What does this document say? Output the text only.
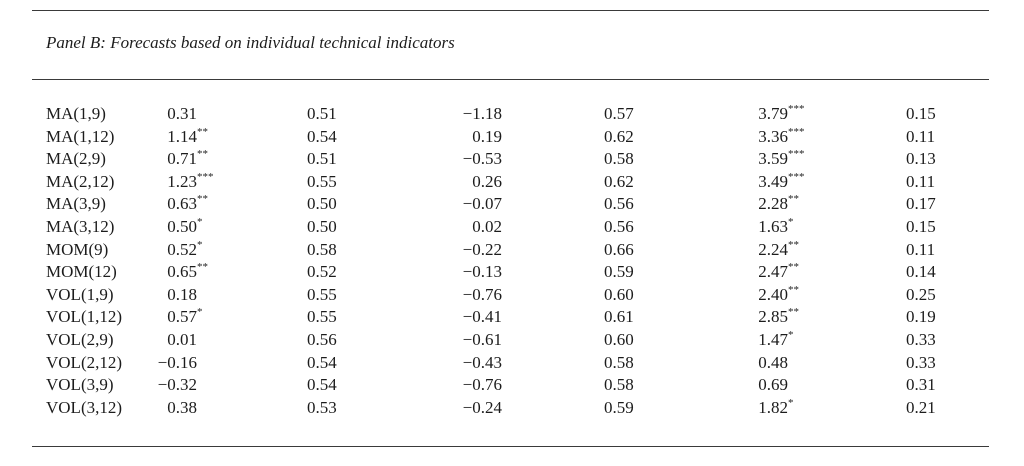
Panel B: Forecasts based on individual technical indicators
MA(1,9)	0.31	0.51	−1.18	0.57	3.79 ***	0.15
MA(1,12)	1.14 **	0.54	0.19	0.62	3.36 ***	0.11
MA(2,9)	0.71 **	0.51	−0.53	0.58	3.59 ***	0.13
MA(2,12)	1.23 ***	0.55	0.26	0.62	3.49 ***	0.11
MA(3,9)	0.63 **	0.50	−0.07	0.56	2.28 **	0.17
MA(3,12)	0.50 *	0.50	0.02	0.56	1.63 *	0.15
MOM(9)	0.52 *	0.58	−0.22	0.66	2.24 **	0.11
MOM(12)	0.65 **	0.52	−0.13	0.59	2.47 **	0.14
VOL(1,9)	0.18	0.55	−0.76	0.60	2.40 **	0.25
VOL(1,12)	0.57 *	0.55	−0.41	0.61	2.85 **	0.19
VOL(2,9)	0.01	0.56	−0.61	0.60	1.47 *	0.33
VOL(2,12)	−0.16	0.54	−0.43	0.58	0.48	0.33
VOL(3,9)	−0.32	0.54	−0.76	0.58	0.69	0.31
VOL(3,12)	0.38	0.53	−0.24	0.59	1.82 *	0.21
